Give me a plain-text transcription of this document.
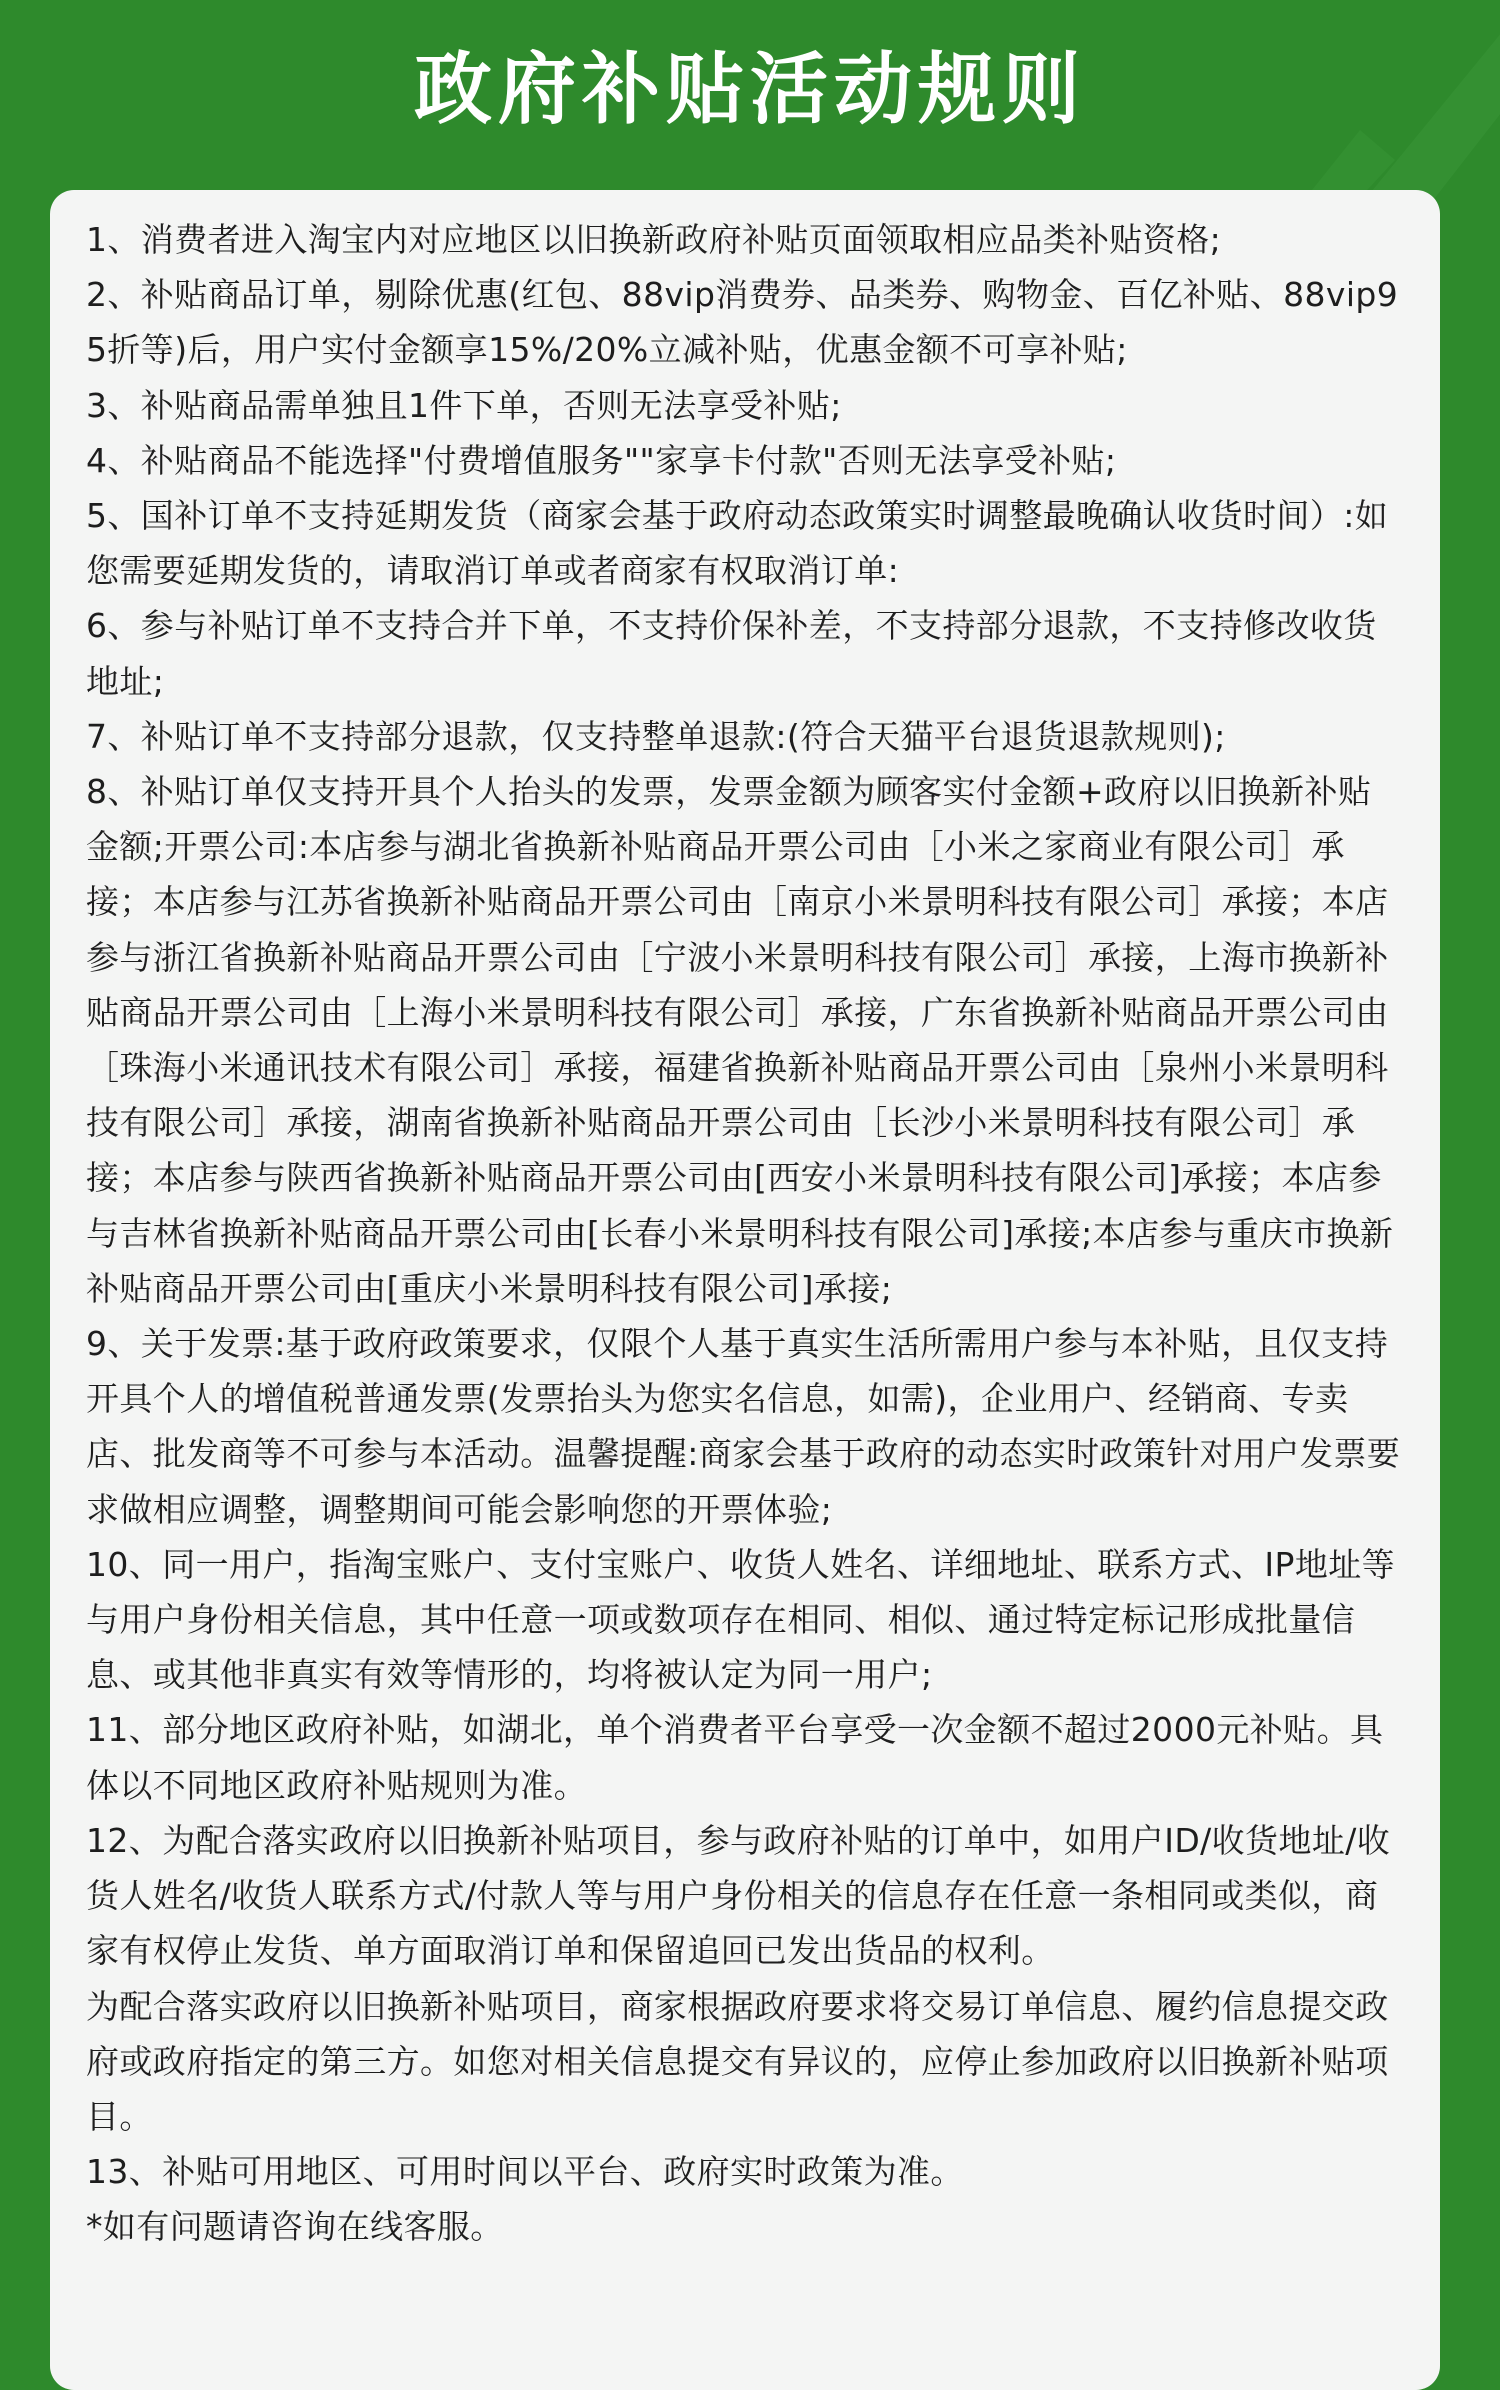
政府补贴活动规则

1、消费者进入淘宝内对应地区以旧换新政府补贴页面领取相应品类补贴资格;

2、补贴商品订单，剔除优惠(红包、88vip消费券、品类券、购物金、百亿补贴、88vip95折等)后，用户实付金额享15%/20%立减补贴，优惠金额不可享补贴;

3、补贴商品需单独且1件下单，否则无法享受补贴;

4、补贴商品不能选择"付费增值服务""家享卡付款"否则无法享受补贴;

5、国补订单不支持延期发货（商家会基于政府动态政策实时调整最晚确认收货时间）:如您需要延期发货的，请取消订单或者商家有权取消订单:

6、参与补贴订单不支持合并下单，不支持价保补差，不支持部分退款，不支持修改收货地址;

7、补贴订单不支持部分退款，仅支持整单退款:(符合天猫平台退货退款规则);

8、补贴订单仅支持开具个人抬头的发票，发票金额为顾客实付金额+政府以旧换新补贴金额;开票公司:本店参与湖北省换新补贴商品开票公司由［小米之家商业有限公司］承接；本店参与江苏省换新补贴商品开票公司由［南京小米景明科技有限公司］承接；本店参与浙江省换新补贴商品开票公司由［宁波小米景明科技有限公司］承接，上海市换新补贴商品开票公司由［上海小米景明科技有限公司］承接，广东省换新补贴商品开票公司由［珠海小米通讯技术有限公司］承接，福建省换新补贴商品开票公司由［泉州小米景明科技有限公司］承接，湖南省换新补贴商品开票公司由［长沙小米景明科技有限公司］承接；本店参与陕西省换新补贴商品开票公司由[西安小米景明科技有限公司]承接；本店参与吉林省换新补贴商品开票公司由[长春小米景明科技有限公司]承接;本店参与重庆市换新补贴商品开票公司由[重庆小米景明科技有限公司]承接;

9、关于发票:基于政府政策要求，仅限个人基于真实生活所需用户参与本补贴，且仅支持开具个人的增值税普通发票(发票抬头为您实名信息，如需)，企业用户、经销商、专卖店、批发商等不可参与本活动。温馨提醒:商家会基于政府的动态实时政策针对用户发票要求做相应调整，调整期间可能会影响您的开票体验;

10、同一用户，指淘宝账户、支付宝账户、收货人姓名、详细地址、联系方式、IP地址等与用户身份相关信息，其中任意一项或数项存在相同、相似、通过特定标记形成批量信息、或其他非真实有效等情形的，均将被认定为同一用户;

11、部分地区政府补贴，如湖北，单个消费者平台享受一次金额不超过2000元补贴。具体以不同地区政府补贴规则为准。

12、为配合落实政府以旧换新补贴项目，参与政府补贴的订单中，如用户ID/收货地址/收货人姓名/收货人联系方式/付款人等与用户身份相关的信息存在任意一条相同或类似，商家有权停止发货、单方面取消订单和保留追回已发出货品的权利。

为配合落实政府以旧换新补贴项目，商家根据政府要求将交易订单信息、履约信息提交政府或政府指定的第三方。如您对相关信息提交有异议的，应停止参加政府以旧换新补贴项目。

13、补贴可用地区、可用时间以平台、政府实时政策为准。

*如有问题请咨询在线客服。
